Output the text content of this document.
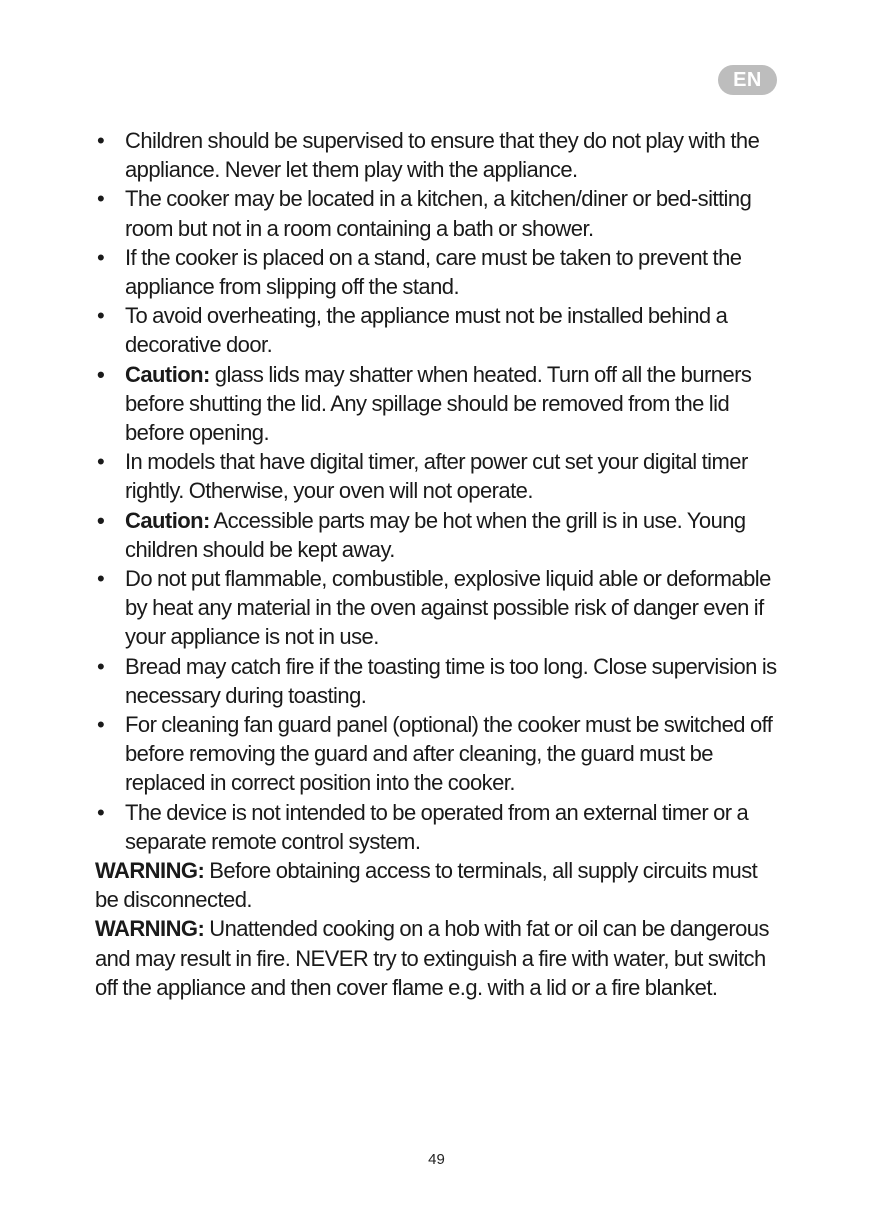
EN
• Children should be supervised to ensure that they do not play with the appliance. Never let them play with the appliance.
• The cooker may be located in a kitchen, a kitchen/diner or bed-sitting room but not in a room containing a bath or shower.
• If the cooker is placed on a stand, care must be taken to prevent the appliance from slipping off the stand.
• To avoid overheating, the appliance must not be installed behind a decorative door.
• Caution: glass lids may shatter when heated. Turn off all the burners before shutting the lid. Any spillage should be removed from the lid before opening.
• In models that have digital timer, after power cut set your digital timer rightly. Otherwise, your oven will not operate.
• Caution: Accessible parts may be hot when the grill is in use. Young children should be kept away.
• Do not put flammable, combustible, explosive liquid able or deformable by heat any material in the oven against possible risk of danger even if your appliance is not in use.
• Bread may catch fire if the toasting time is too long. Close supervision is necessary during toasting.
• For cleaning fan guard panel (optional) the cooker must be switched off before removing the guard and after cleaning, the guard must be replaced in correct position into the cooker.
• The device is not intended to be operated from an external timer or a separate remote control system.

WARNING: Before obtaining access to terminals, all supply circuits must be disconnected.

WARNING: Unattended cooking on a hob with fat or oil can be dangerous and may result in fire. NEVER try to extinguish a fire with water, but switch off the appliance and then cover flame e.g. with a lid or a fire blanket.

49
